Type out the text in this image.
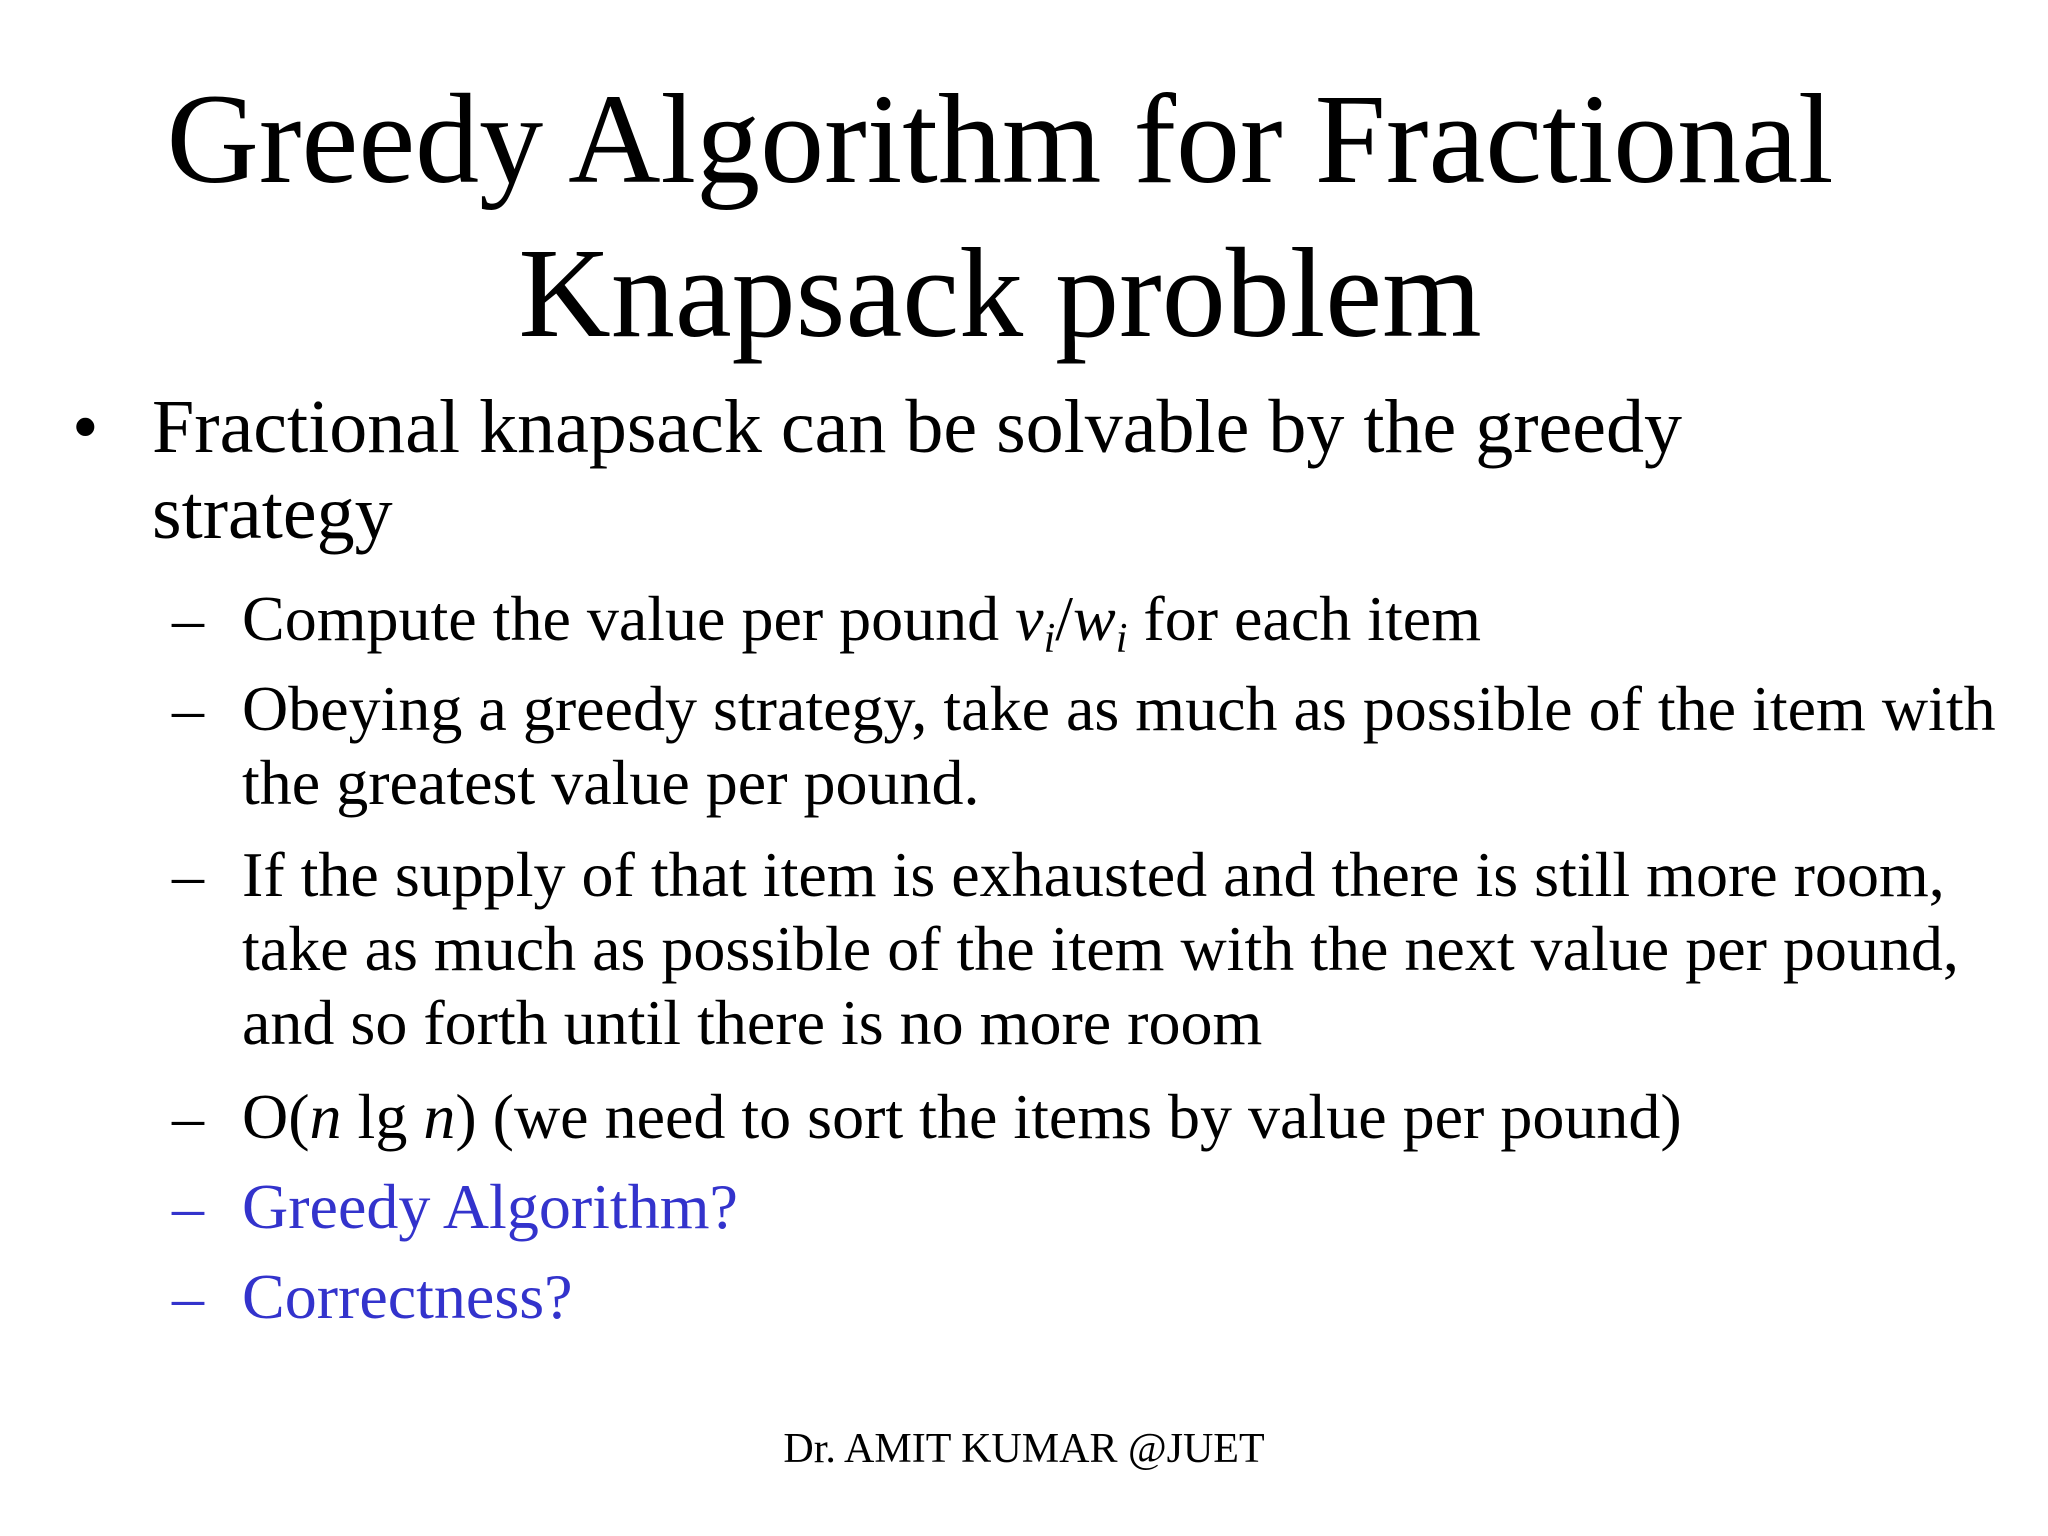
Greedy Algorithm for Fractional
Knapsack problem
• Fractional knapsack can be solvable by the greedy strategy
– Compute the value per pound $v_i/w_i$ for each item
– Obeying a greedy strategy, take as much as possible of the item with the greatest value per pound.
– If the supply of that item is exhausted and there is still more room, take as much as possible of the item with the next value per pound, and so forth until there is no more room
– O(n lg n) (we need to sort the items by value per pound)
– Greedy Algorithm?
– Correctness?
Dr. AMIT KUMAR @JUET
